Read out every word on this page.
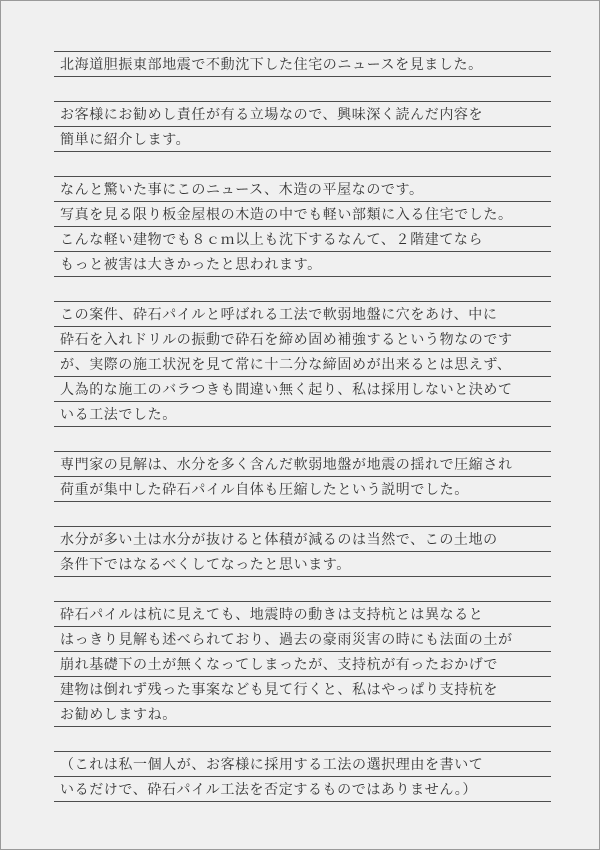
北海道胆振東部地震で不動沈下した住宅のニュースを見ました。
お客様にお勧めし責任が有る立場なので、興味深く読んだ内容を
簡単に紹介します。
なんと驚いた事にこのニュース、木造の平屋なのです。
写真を見る限り板金屋根の木造の中でも軽い部類に入る住宅でした。
こんな軽い建物でも８ｃｍ以上も沈下するなんて、２階建てなら
もっと被害は大きかったと思われます。
この案件、砕石パイルと呼ばれる工法で軟弱地盤に穴をあけ、中に
砕石を入れドリルの振動で砕石を締め固め補強するという物なのです
が、実際の施工状況を見て常に十二分な締固めが出来るとは思えず、
人為的な施工のバラつきも間違い無く起り、私は採用しないと決めて
いる工法でした。
専門家の見解は、水分を多く含んだ軟弱地盤が地震の揺れで圧縮され
荷重が集中した砕石パイル自体も圧縮したという説明でした。
水分が多い土は水分が抜けると体積が減るのは当然で、この土地の
条件下ではなるべくしてなったと思います。
砕石パイルは杭に見えても、地震時の動きは支持杭とは異なると
はっきり見解も述べられており、過去の豪雨災害の時にも法面の土が
崩れ基礎下の土が無くなってしまったが、支持杭が有ったおかげで
建物は倒れず残った事案なども見て行くと、私はやっぱり支持杭を
お勧めしますね。
（これは私一個人が、お客様に採用する工法の選択理由を書いて
いるだけで、砕石パイル工法を否定するものではありません。）
